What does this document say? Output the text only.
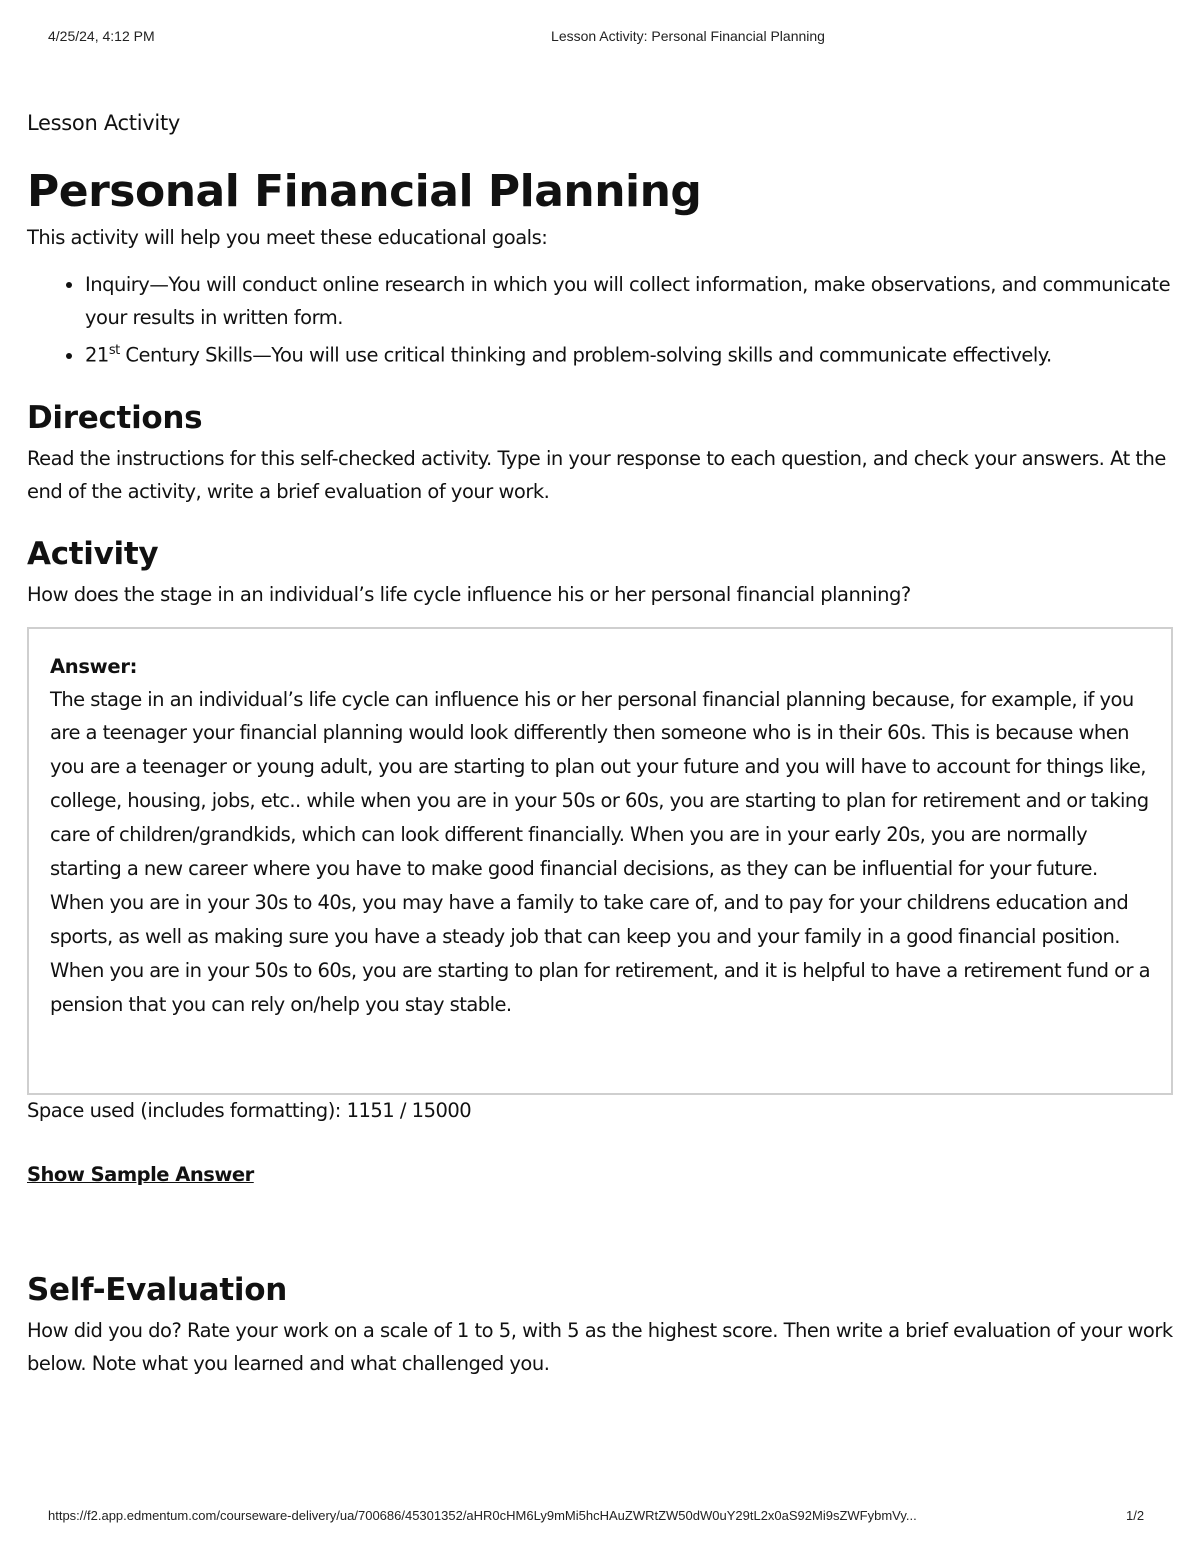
4/25/24, 4:12 PM	Lesson Activity: Personal Financial Planning

Lesson Activity

Personal Financial Planning

This activity will help you meet these educational goals:

• Inquiry—You will conduct online research in which you will collect information, make observations, and communicate your results in written form.
• 21st Century Skills—You will use critical thinking and problem-solving skills and communicate effectively.
Directions

Read the instructions for this self-checked activity. Type in your response to each question, and check your answers. At the end of the activity, write a brief evaluation of your work.

Activity

How does the stage in an individual’s life cycle influence his or her personal financial planning?

Answer:

The stage in an individual’s life cycle can influence his or her personal financial planning because, for example, if you are a teenager your financial planning would look differently then someone who is in their 60s. This is because when you are a teenager or young adult, you are starting to plan out your future and you will have to account for things like, college, housing, jobs, etc.. while when you are in your 50s or 60s, you are starting to plan for retirement and or taking care of children/grandkids, which can look different financially. When you are in your early 20s, you are normally starting a new career where you have to make good financial decisions, as they can be influential for your future. When you are in your 30s to 40s, you may have a family to take care of, and to pay for your childrens education and sports, as well as making sure you have a steady job that can keep you and your family in a good financial position. When you are in your 50s to 60s, you are starting to plan for retirement, and it is helpful to have a retirement fund or a pension that you can rely on/help you stay stable.

Space used (includes formatting): 1151 / 15000

Show Sample Answer
Self-Evaluation

How did you do? Rate your work on a scale of 1 to 5, with 5 as the highest score. Then write a brief evaluation of your work below. Note what you learned and what challenged you.

https://f2.app.edmentum.com/courseware-delivery/ua/700686/45301352/aHR0cHM6Ly9mMi5hcHAuZWRtZW50dW0uY29tL2x0aS92Mi9sZWFybmVy...	1/2
